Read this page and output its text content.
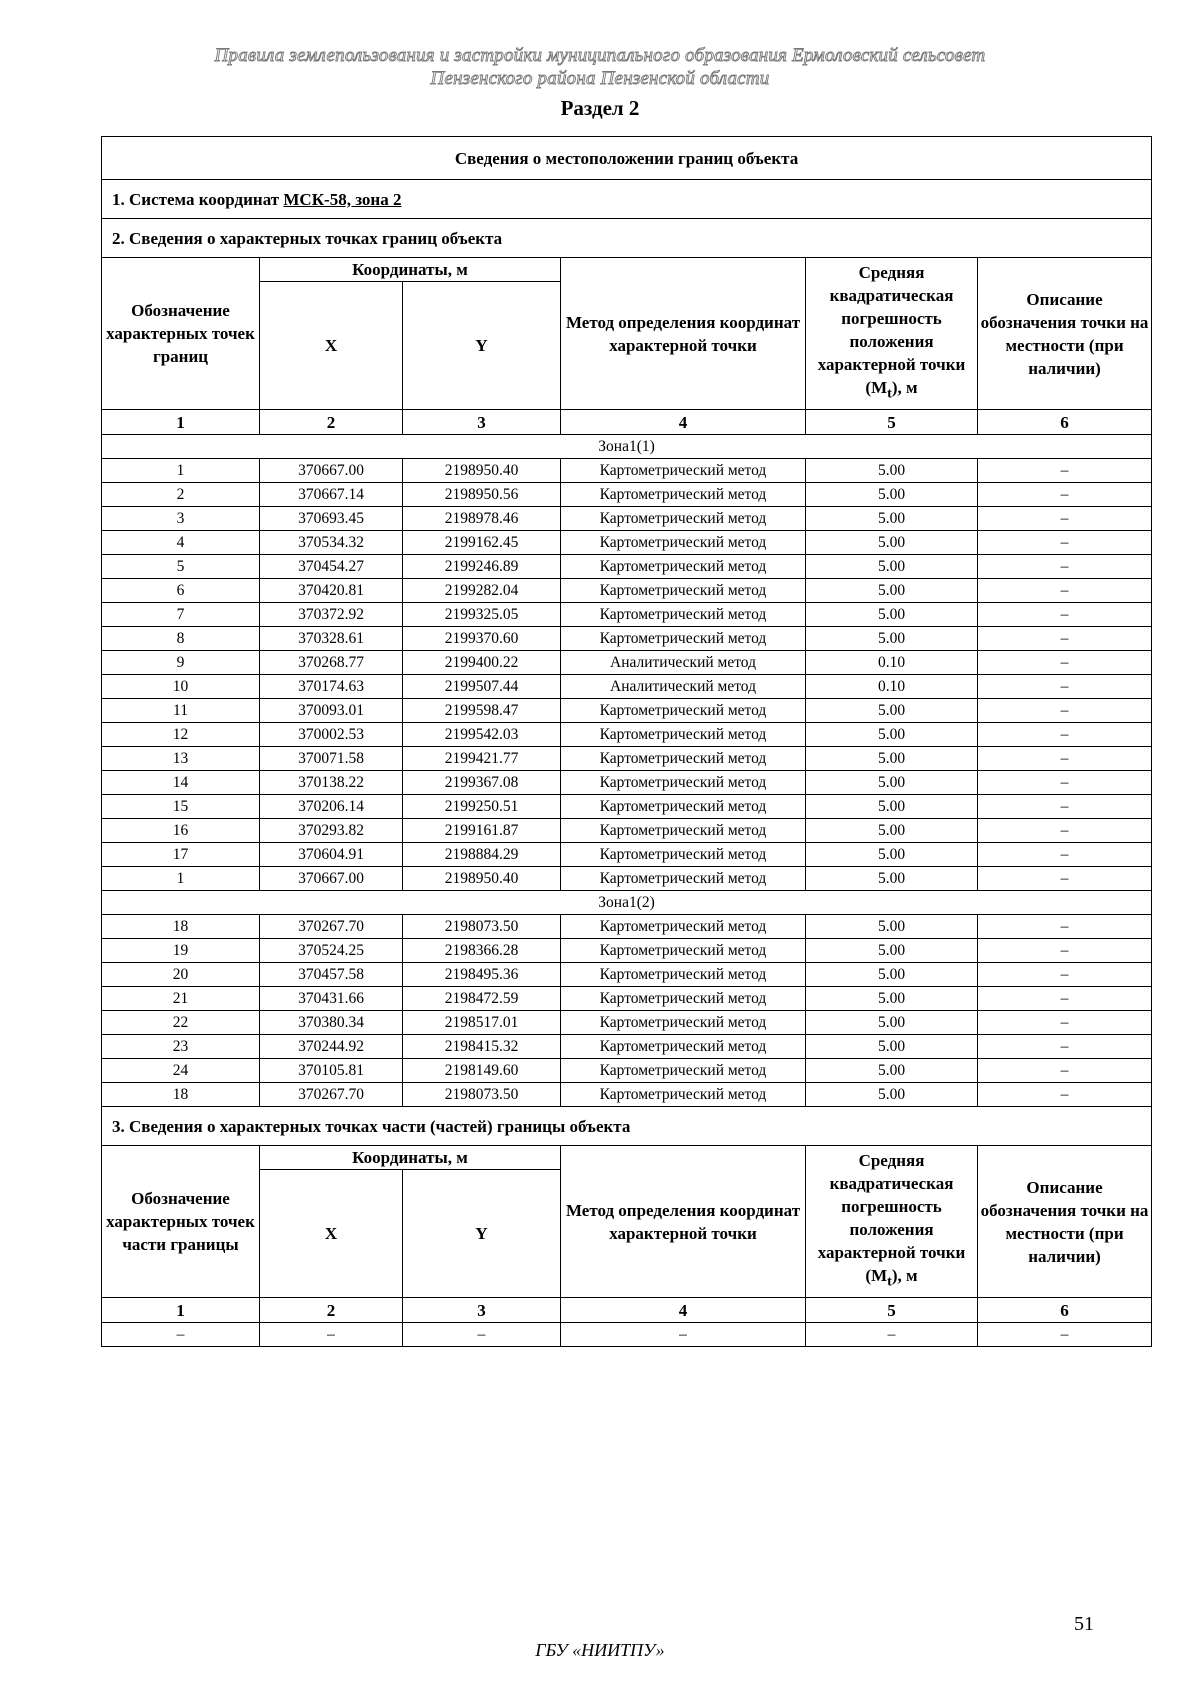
Правила землепользования и застройки муниципального образования Ермоловский сельсовет
Пензенского района Пензенской области
Раздел 2
Сведения о местоположении границ объекта					
1. Система координат МСК-58, зона 2					
2. Сведения о характерных точках границ объекта					
Обозначение характерных точек границ	Координаты, м		Метод определения координат характерной точки	Средняя квадратическая погрешность положения характерной точки $(M_t)$, м	Описание обозначения точки на местности (при наличии)
	X	Y			
1	2	3	4	5	6
Зона1(1)					
1	370667.00	2198950.40	Картометрический метод	5.00	–
2	370667.14	2198950.56	Картометрический метод	5.00	–
3	370693.45	2198978.46	Картометрический метод	5.00	–
4	370534.32	2199162.45	Картометрический метод	5.00	–
5	370454.27	2199246.89	Картометрический метод	5.00	–
6	370420.81	2199282.04	Картометрический метод	5.00	–
7	370372.92	2199325.05	Картометрический метод	5.00	–
8	370328.61	2199370.60	Картометрический метод	5.00	–
9	370268.77	2199400.22	Аналитический метод	0.10	–
10	370174.63	2199507.44	Аналитический метод	0.10	–
11	370093.01	2199598.47	Картометрический метод	5.00	–
12	370002.53	2199542.03	Картометрический метод	5.00	–
13	370071.58	2199421.77	Картометрический метод	5.00	–
14	370138.22	2199367.08	Картометрический метод	5.00	–
15	370206.14	2199250.51	Картометрический метод	5.00	–
16	370293.82	2199161.87	Картометрический метод	5.00	–
17	370604.91	2198884.29	Картометрический метод	5.00	–
1	370667.00	2198950.40	Картометрический метод	5.00	–
Зона1(2)					
18	370267.70	2198073.50	Картометрический метод	5.00	–
19	370524.25	2198366.28	Картометрический метод	5.00	–
20	370457.58	2198495.36	Картометрический метод	5.00	–
21	370431.66	2198472.59	Картометрический метод	5.00	–
22	370380.34	2198517.01	Картометрический метод	5.00	–
23	370244.92	2198415.32	Картометрический метод	5.00	–
24	370105.81	2198149.60	Картометрический метод	5.00	–
18	370267.70	2198073.50	Картометрический метод	5.00	–
3. Сведения о характерных точках части (частей) границы объекта					
Обозначение характерных точек части границы	Координаты, м		Метод определения координат характерной точки	Средняя квадратическая погрешность положения характерной точки $(M_t)$, м	Описание обозначения точки на местности (при наличии)
	X	Y			
1	2	3	4	5	6
–	–	–	–	–	–
51
ГБУ «НИИТПУ»
